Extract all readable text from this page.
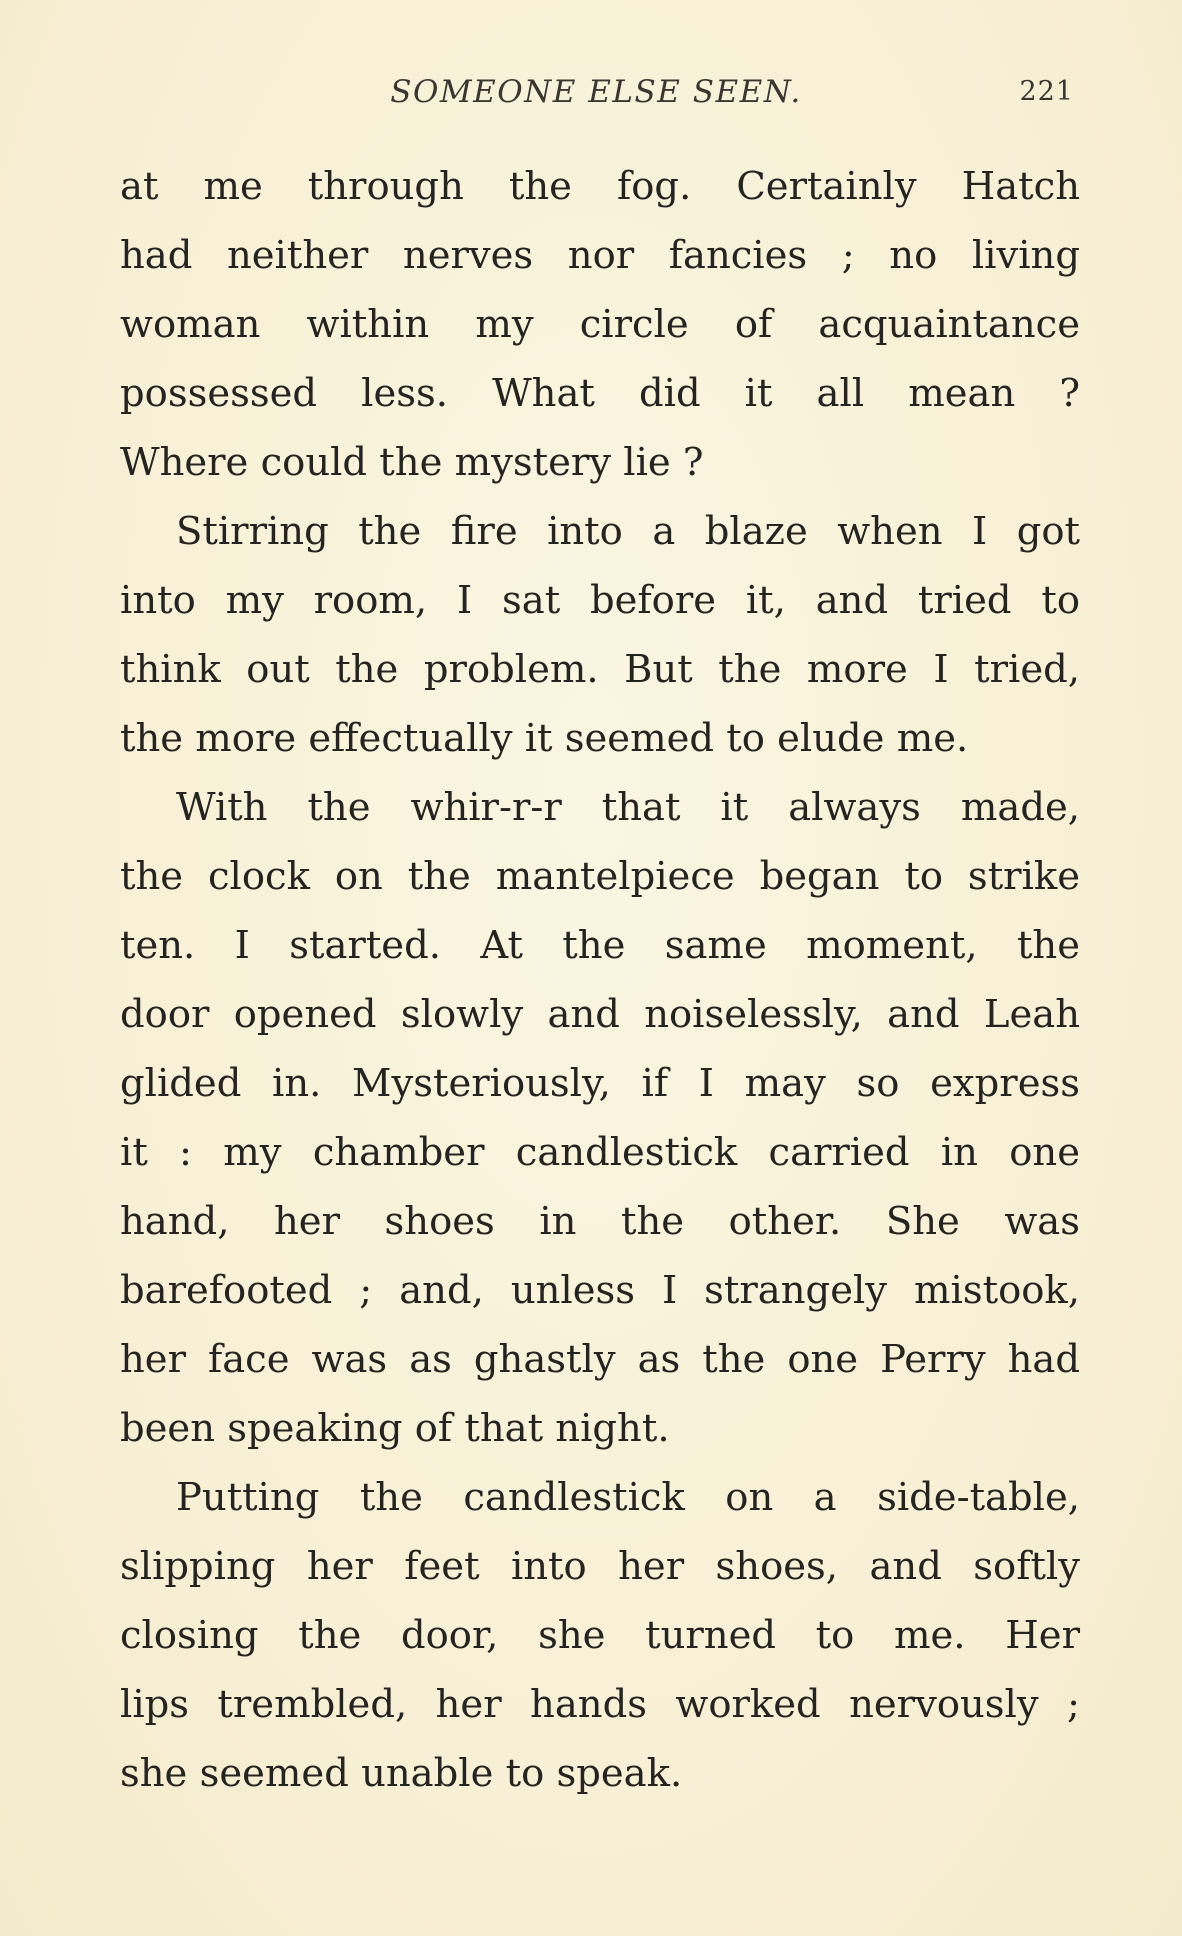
SOMEONE ELSE SEEN.	221
at me through the fog. Certainly Hatch
had neither nerves nor fancies ; no living
woman within my circle of acquaintance
possessed less. What did it all mean ?
Where could the mystery lie ?
Stirring the fire into a blaze when I got
into my room, I sat before it, and tried to
think out the problem. But the more I tried,
the more effectually it seemed to elude me.
With the whir-r-r that it always made,
the clock on the mantelpiece began to strike
ten. I started. At the same moment, the
door opened slowly and noiselessly, and Leah
glided in. Mysteriously, if I may so express
it : my chamber candlestick carried in one
hand, her shoes in the other. She was
barefooted ; and, unless I strangely mistook,
her face was as ghastly as the one Perry had
been speaking of that night.
Putting the candlestick on a side-table,
slipping her feet into her shoes, and softly
closing the door, she turned to me. Her
lips trembled, her hands worked nervously ;
she seemed unable to speak.
